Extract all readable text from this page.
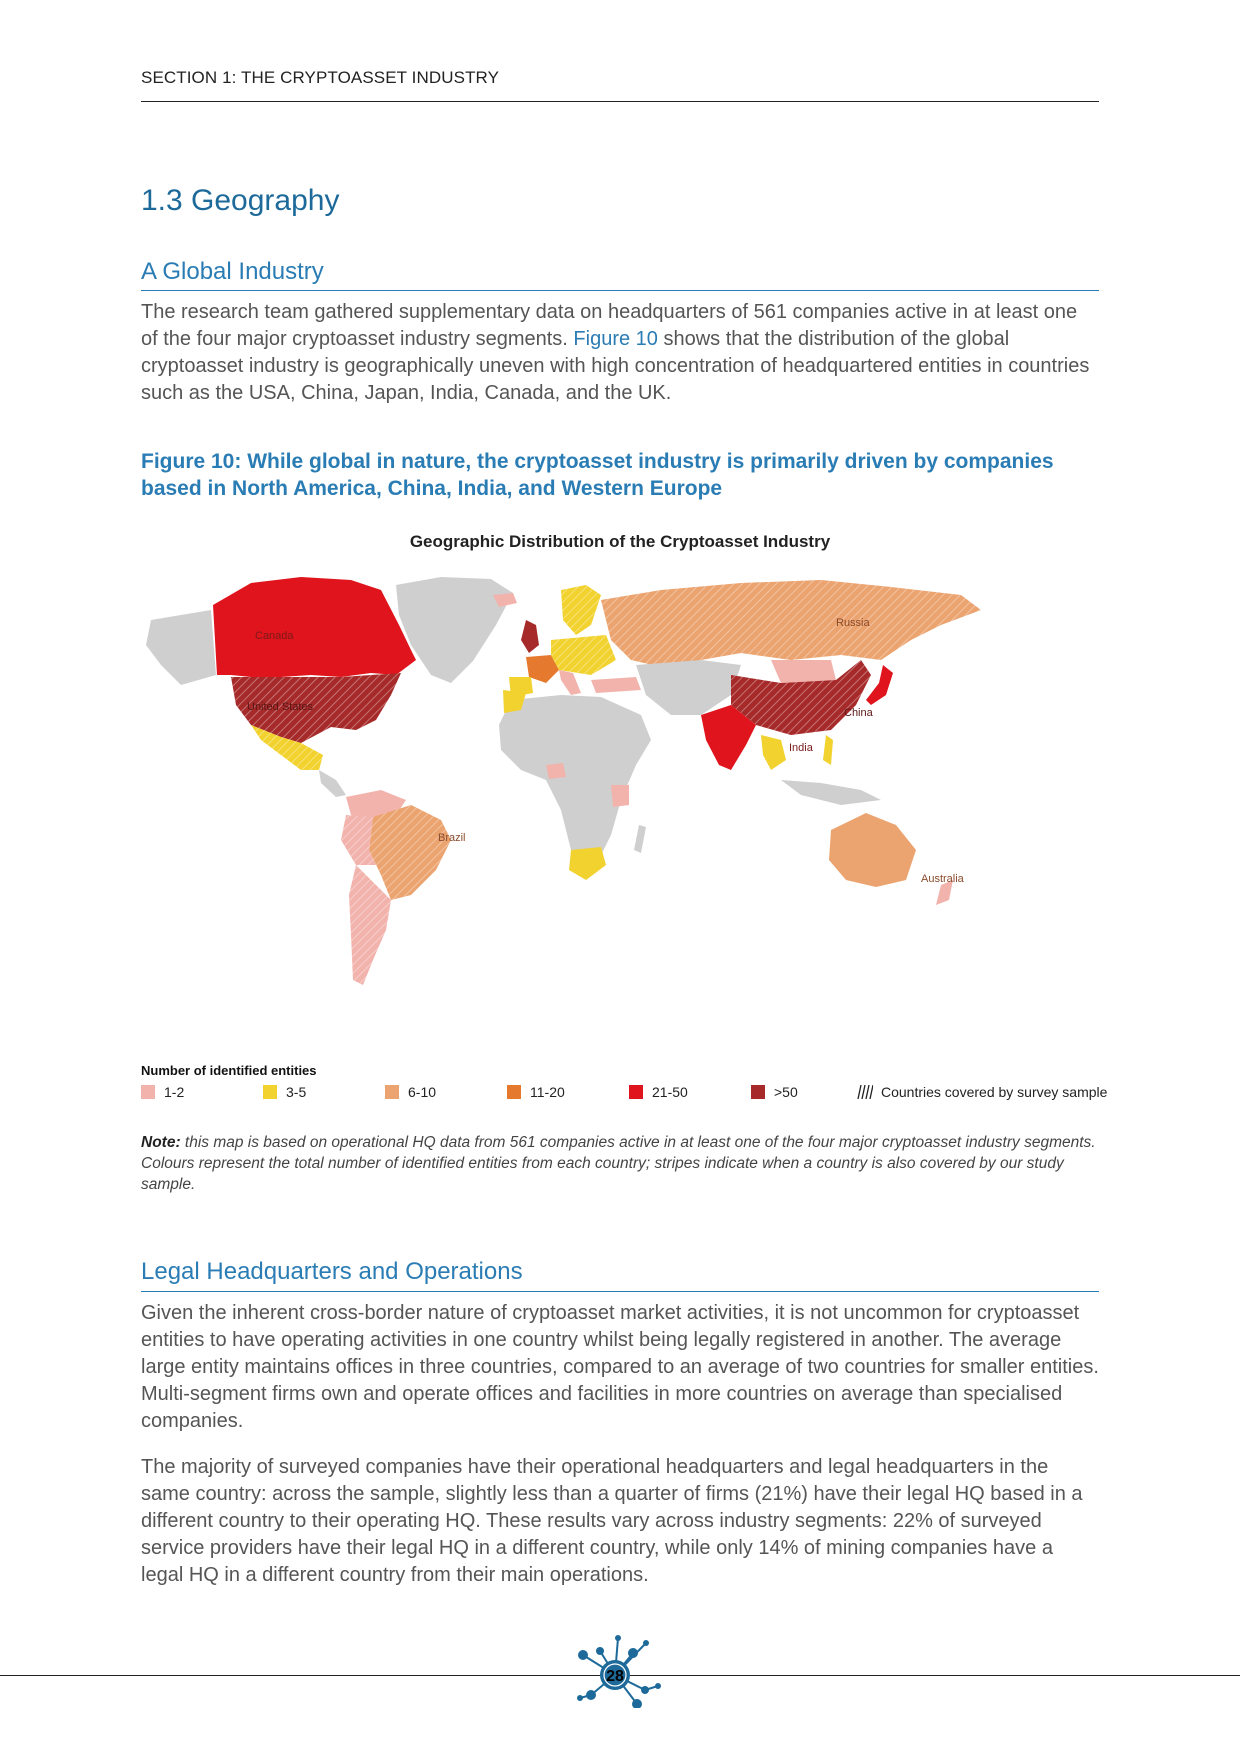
SECTION 1: THE CRYPTOASSET INDUSTRY
1.3 Geography
A Global Industry
The research team gathered supplementary data on headquarters of 561 companies active in at least one of the four major cryptoasset industry segments. Figure 10 shows that the distribution of the global cryptoasset industry is geographically uneven with high concentration of headquartered entities in countries such as the USA, China, Japan, India, Canada, and the UK.
Figure 10: While global in nature, the cryptoasset industry is primarily driven by companies based in North America, China, India, and Western Europe
Geographic Distribution of the Cryptoasset Industry
Canada
United States
Russia
China
India
Brazil
Australia
Number of identified entities
1-2	3-5	6-10	11-20	21-50	>50	Countries covered by survey sample
Note: this map is based on operational HQ data from 561 companies active in at least one of the four major cryptoasset industry segments. Colours represent the total number of identified entities from each country; stripes indicate when a country is also covered by our study sample.
Legal Headquarters and Operations
Given the inherent cross-border nature of cryptoasset market activities, it is not uncommon for cryptoasset entities to have operating activities in one country whilst being legally registered in another. The average large entity maintains offices in three countries, compared to an average of two countries for smaller entities. Multi-segment firms own and operate offices and facilities in more countries on average than specialised companies.
The majority of surveyed companies have their operational headquarters and legal headquarters in the same country: across the sample, slightly less than a quarter of firms (21%) have their legal HQ based in a different country to their operating HQ. These results vary across industry segments: 22% of surveyed service providers have their legal HQ in a different country, while only 14% of mining companies have a legal HQ in a different country from their main operations.
28
